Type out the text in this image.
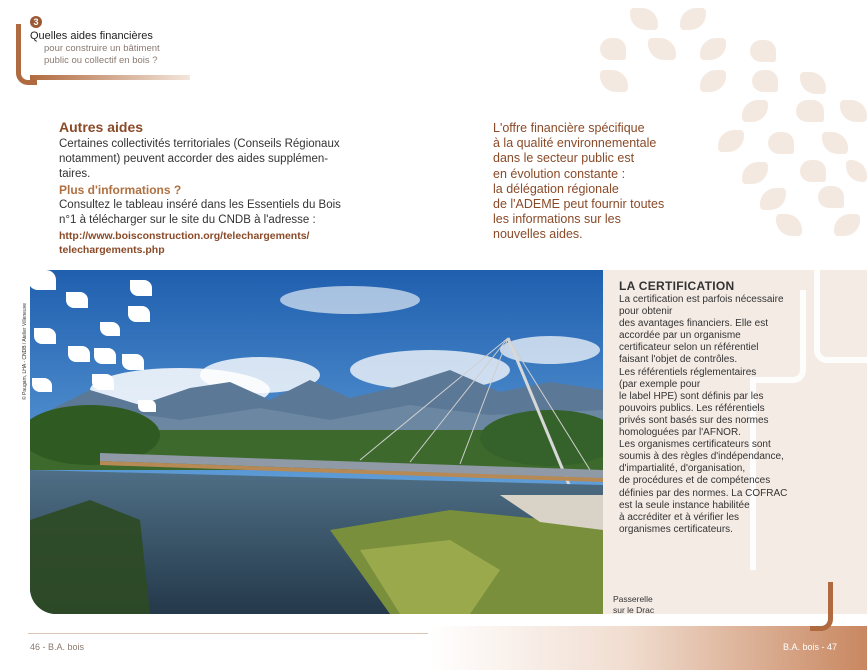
3
Quelles aides financières
pour construire un bâtiment
public ou collectif en bois ?
Autres aides
Certaines collectivités territoriales (Conseils Régionaux
notamment) peuvent accorder des aides supplémen-
taires.
Plus d'informations ?
Consultez le tableau inséré dans les Essentiels du Bois
n°1 à télécharger sur le site du CNDB à l'adresse :
http://www.boisconstruction.org/telechargements/
telechargements.php
L'offre financière spécifique
à la qualité environnementale
dans le secteur public est
en évolution constante :
la délégation régionale
de l'ADEME peut fournir toutes
les informations sur les
nouvelles aides.
© Paugam, LHA - CNDB / Atelier Villeneuve
LA CERTIFICATION
La certification est parfois nécessaire
pour obtenir
des avantages financiers. Elle est
accordée par un organisme
certificateur selon un référentiel
faisant l'objet de contrôles.
Les référentiels réglementaires
(par exemple pour
le label HPE) sont définis par les
pouvoirs publics. Les référentiels
privés sont basés sur des normes
homologuées par l'AFNOR.
Les organismes certificateurs sont
soumis à des règles d'indépendance,
d'impartialité, d'organisation,
de procédures et de compétences
définies par des normes. La COFRAC
est la seule instance habilitée
à accréditer et à vérifier les
organismes certificateurs.
Passerelle
sur le Drac
46 - B.A. bois	B.A. bois - 47
